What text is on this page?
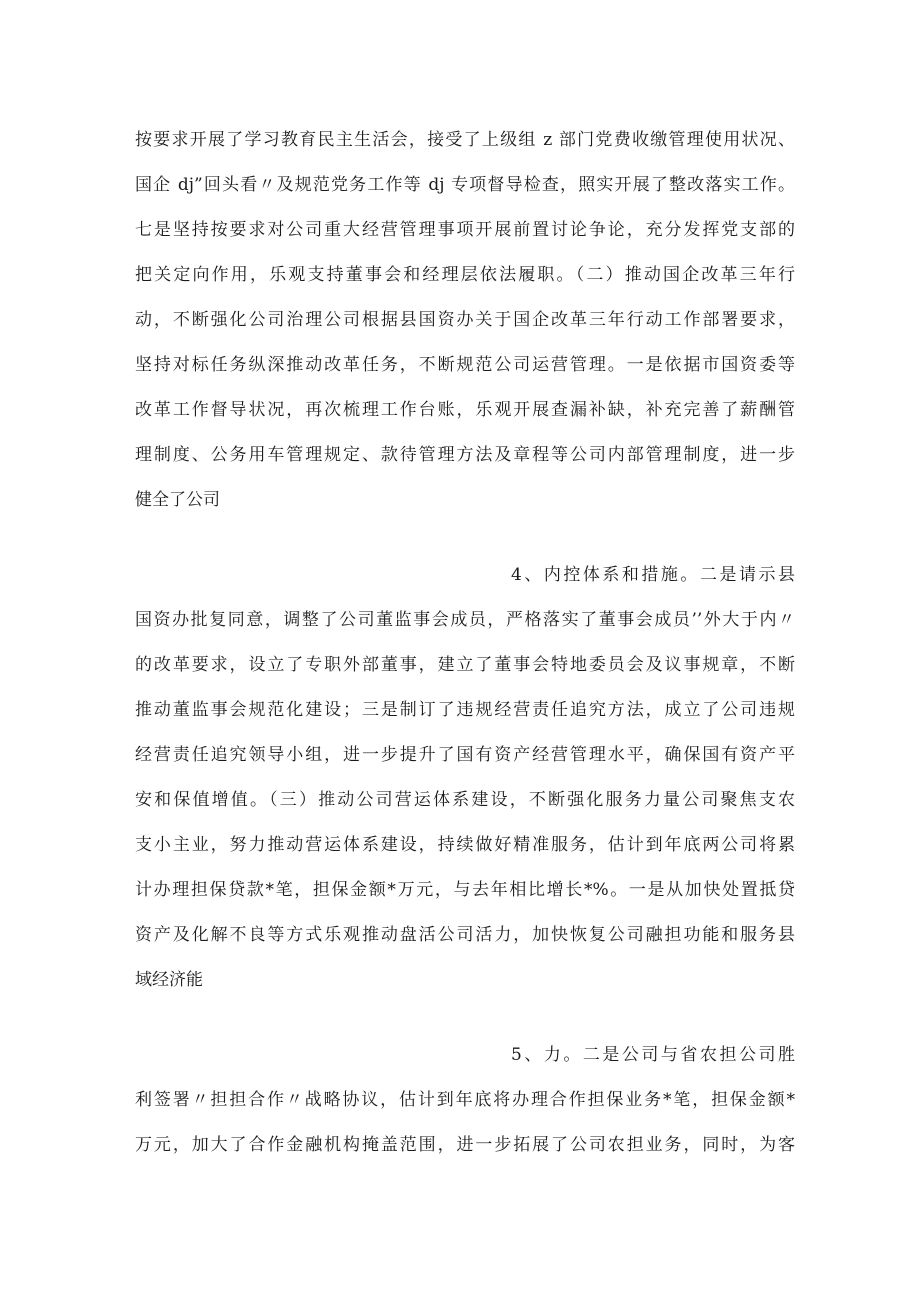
按要求开展了学习教育民主生活会，接受了上级组 z 部门党费收缴管理使用状况、
国企 dj”回头看〃及规范党务工作等 dj 专项督导检查，照实开展了整改落实工作。
七是坚持按要求对公司重大经营管理事项开展前置讨论争论，充分发挥党支部的
把关定向作用，乐观支持董事会和经理层依法履职。（二）推动国企改革三年行
动，不断强化公司治理公司根据县国资办关于国企改革三年行动工作部署要求，
坚持对标任务纵深推动改革任务，不断规范公司运营管理。一是依据市国资委等
改革工作督导状况，再次梳理工作台账，乐观开展查漏补缺，补充完善了薪酬管
理制度、公务用车管理规定、款待管理方法及章程等公司内部管理制度，进一步
健全了公司
4、内控体系和措施。二是请示县
国资办批复同意，调整了公司董监事会成员，严格落实了董事会成员’’外大于内〃
的改革要求，设立了专职外部董事，建立了董事会特地委员会及议事规章，不断
推动董监事会规范化建设；三是制订了违规经营责任追究方法，成立了公司违规
经营责任追究领导小组，进一步提升了国有资产经营管理水平，确保国有资产平
安和保值增值。（三）推动公司营运体系建设，不断强化服务力量公司聚焦支农
支小主业，努力推动营运体系建设，持续做好精准服务，估计到年底两公司将累
计办理担保贷款*笔，担保金额*万元，与去年相比增长*%。一是从加快处置抵贷
资产及化解不良等方式乐观推动盘活公司活力，加快恢复公司融担功能和服务县
域经济能
5、力。二是公司与省农担公司胜
利签署〃担担合作〃战略协议，估计到年底将办理合作担保业务*笔，担保金额*
万元，加大了合作金融机构掩盖范围，进一步拓展了公司农担业务，同时，为客
